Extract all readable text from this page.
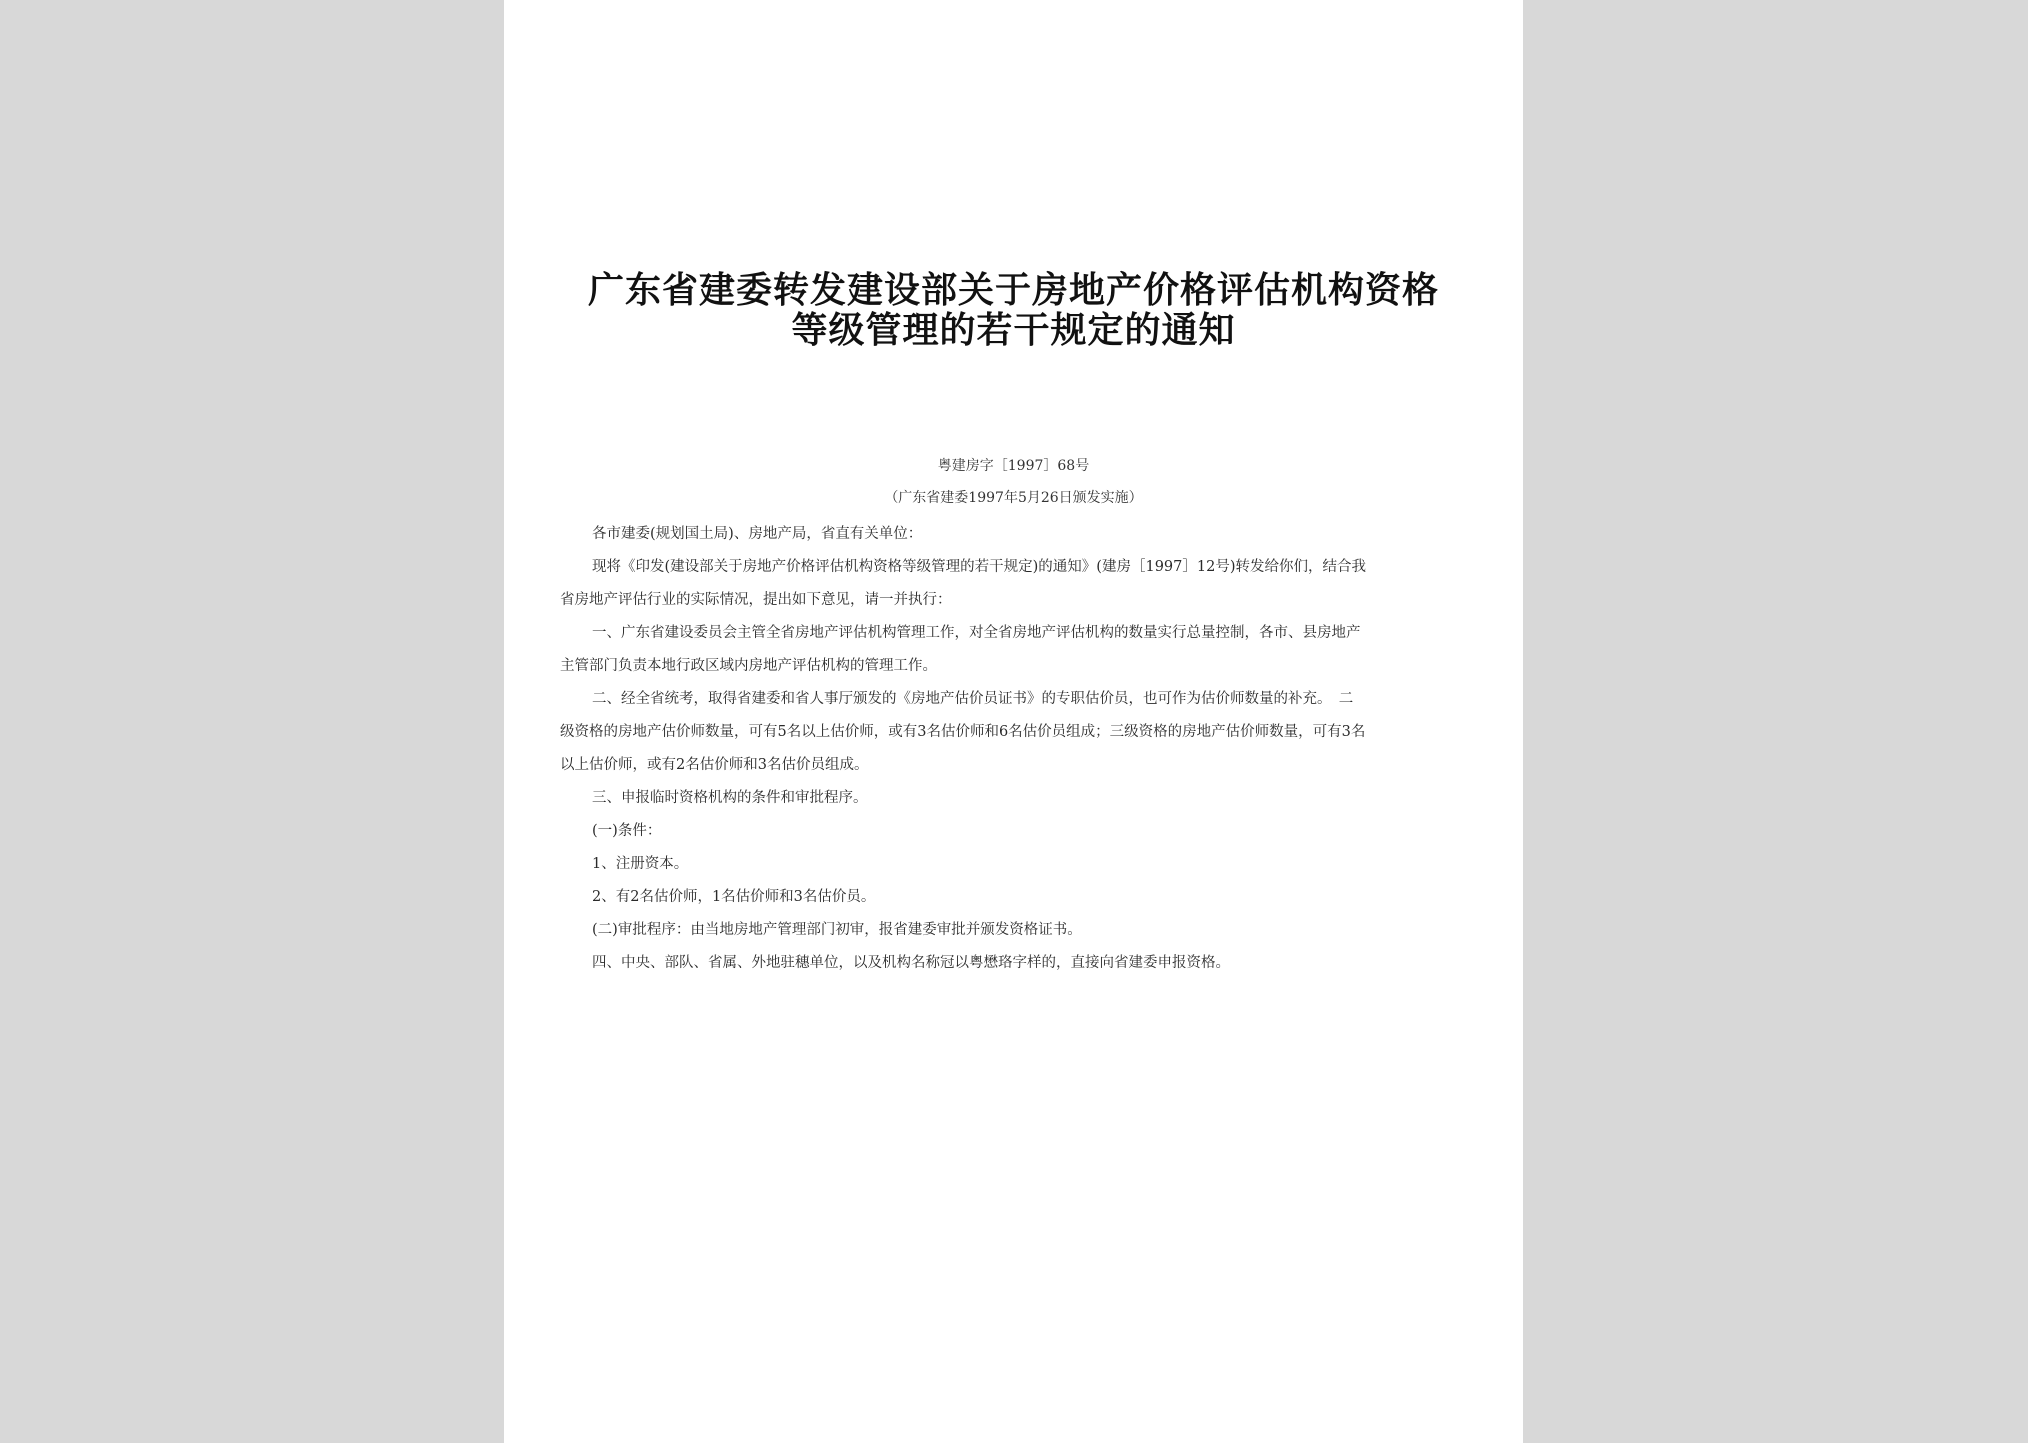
广东省建委转发建设部关于房地产价格评估机构资格
等级管理的若干规定的通知
粤建房字［1997］68号
（广东省建委1997年5月26日颁发实施）
各市建委(规划国土局)、房地产局，省直有关单位：
现将《印发(建设部关于房地产价格评估机构资格等级管理的若干规定)的通知》(建房［1997］12号)转发给你们，结合我
省房地产评估行业的实际情况，提出如下意见，请一并执行：
一、广东省建设委员会主管全省房地产评估机构管理工作，对全省房地产评估机构的数量实行总量控制，各市、县房地产
主管部门负责本地行政区域内房地产评估机构的管理工作。
二、经全省统考，取得省建委和省人事厅颁发的《房地产估价员证书》的专职估价员，也可作为估价师数量的补充。　二
级资格的房地产估价师数量，可有5名以上估价师，或有3名估价师和6名估价员组成；三级资格的房地产估价师数量，可有3名
以上估价师，或有2名估价师和3名估价员组成。
三、申报临时资格机构的条件和审批程序。
(一)条件：
1、注册资本。
2、有2名估价师，1名估价师和3名估价员。
(二)审批程序：由当地房地产管理部门初审，报省建委审批并颁发资格证书。
四、中央、部队、省属、外地驻穗单位，以及机构名称冠以粤懋珞字样的，直接向省建委申报资格。
